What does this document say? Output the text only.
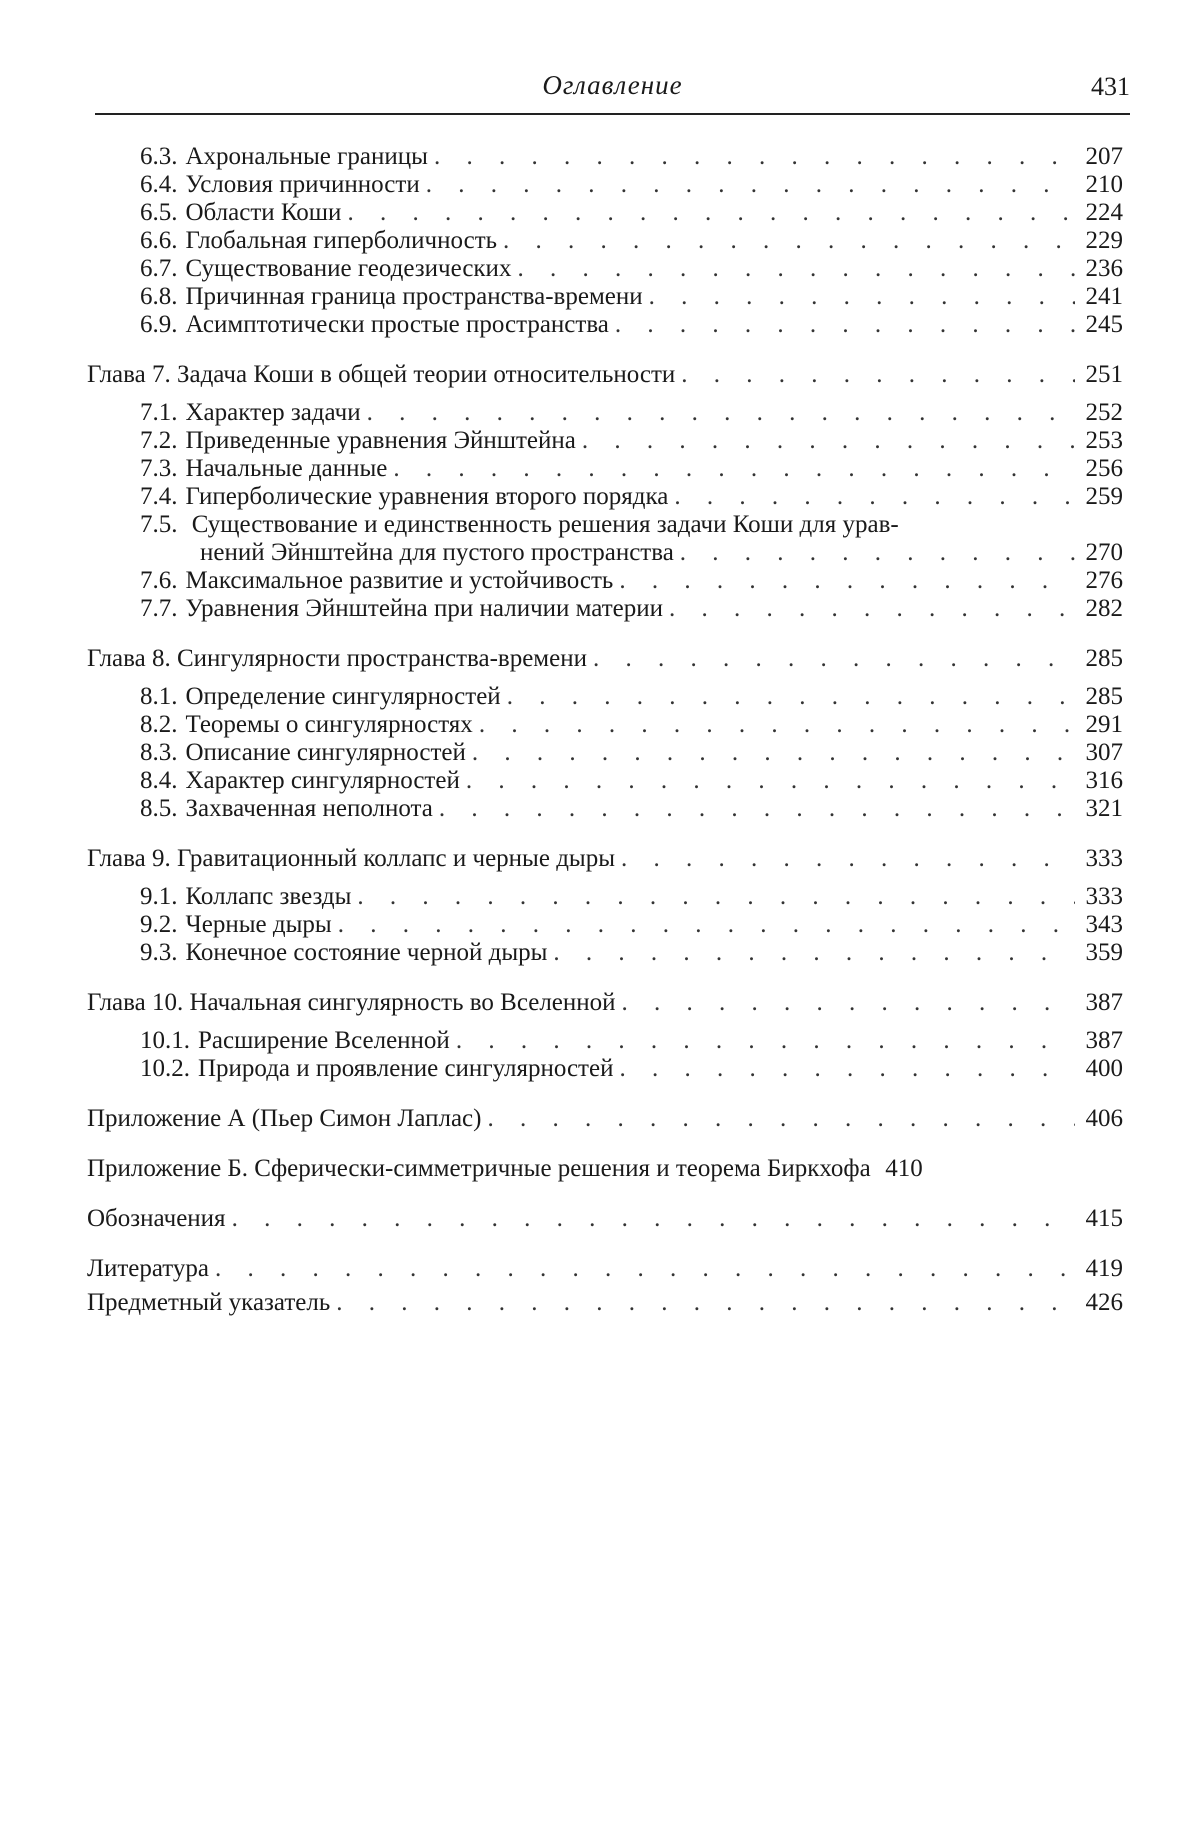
Оглавление	431
6.3. Ахрональные границы . . .	207
6.4. Условия причинности . . .	210
6.5. Области Коши . . .	224
6.6. Глобальная гиперболичность . . .	229
6.7. Существование геодезических . . .	236
6.8. Причинная граница пространства-времени . . .	241
6.9. Асимптотически простые пространства . . .	245
Глава 7. Задача Коши в общей теории относительности . . .	251
7.1. Характер задачи . . .	252
7.2. Приведенные уравнения Эйнштейна . . .	253
7.3. Начальные данные . . .	256
7.4. Гиперболические уравнения второго порядка . . .	259
7.5. Существование и единственность решения задачи Коши для урав-
нений Эйнштейна для пустого пространства . . .	270
7.6. Максимальное развитие и устойчивость . . .	276
7.7. Уравнения Эйнштейна при наличии материи . . .	282
Глава 8. Сингулярности пространства-времени . . .	285
8.1. Определение сингулярностей . . .	285
8.2. Теоремы о сингулярностях . . .	291
8.3. Описание сингулярностей . . .	307
8.4. Характер сингулярностей . . .	316
8.5. Захваченная неполнота . . .	321
Глава 9. Гравитационный коллапс и черные дыры . . .	333
9.1. Коллапс звезды . . .	333
9.2. Черные дыры . . .	343
9.3. Конечное состояние черной дыры . . .	359
Глава 10. Начальная сингулярность во Вселенной . . .	387
10.1. Расширение Вселенной . . .	387
10.2. Природа и проявление сингулярностей . . .	400
Приложение А (Пьер Симон Лаплас) . . .	406
Приложение Б. Сферически-симметричные решения и теорема Биркхофа 410
Обозначения . . .	415
Литература . . .	419
Предметный указатель . . .	426
